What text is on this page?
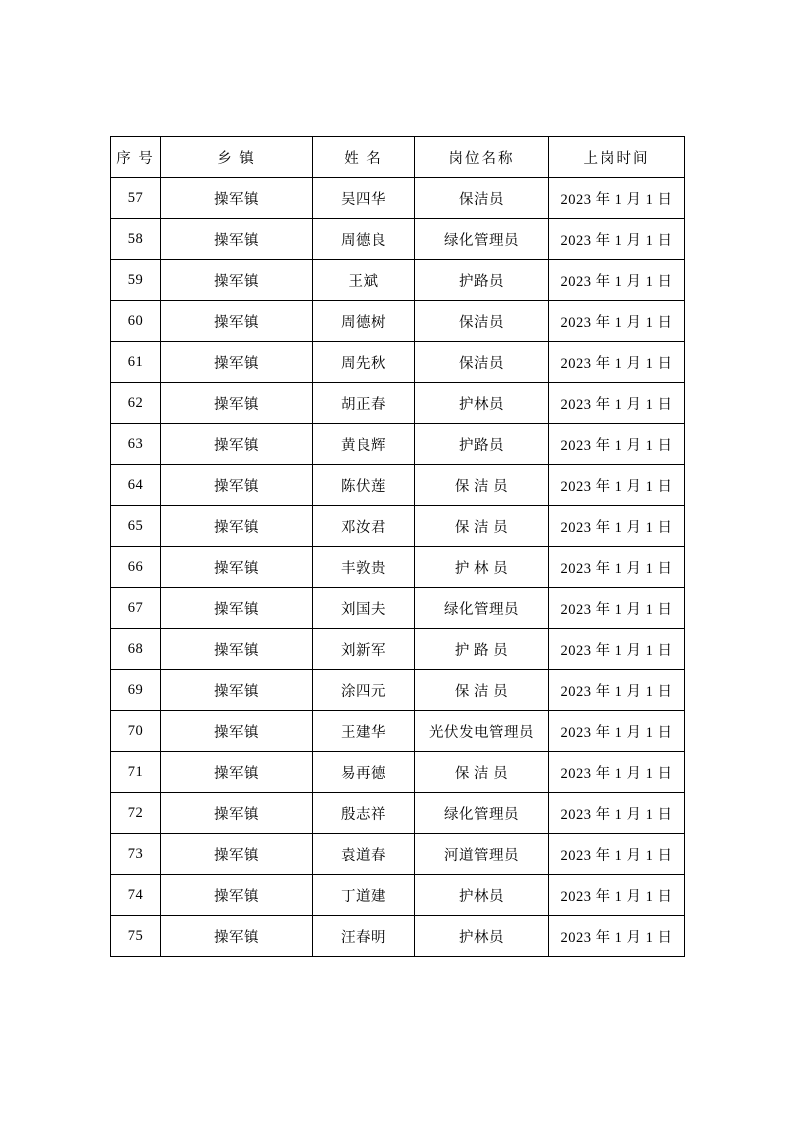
序 号	乡 镇	姓 名	岗位名称	上岗时间
57	操军镇	吴四华	保洁员	2023 年 1 月 1 日
58	操军镇	周德良	绿化管理员	2023 年 1 月 1 日
59	操军镇	王斌	护路员	2023 年 1 月 1 日
60	操军镇	周德树	保洁员	2023 年 1 月 1 日
61	操军镇	周先秋	保洁员	2023 年 1 月 1 日
62	操军镇	胡正春	护林员	2023 年 1 月 1 日
63	操军镇	黄良辉	护路员	2023 年 1 月 1 日
64	操军镇	陈伏莲	保 洁 员	2023 年 1 月 1 日
65	操军镇	邓汝君	保 洁 员	2023 年 1 月 1 日
66	操军镇	丰敦贵	护 林 员	2023 年 1 月 1 日
67	操军镇	刘国夫	绿化管理员	2023 年 1 月 1 日
68	操军镇	刘新军	护 路 员	2023 年 1 月 1 日
69	操军镇	涂四元	保 洁 员	2023 年 1 月 1 日
70	操军镇	王建华	光伏发电管理员	2023 年 1 月 1 日
71	操军镇	易再德	保 洁 员	2023 年 1 月 1 日
72	操军镇	殷志祥	绿化管理员	2023 年 1 月 1 日
73	操军镇	袁道春	河道管理员	2023 年 1 月 1 日
74	操军镇	丁道建	护林员	2023 年 1 月 1 日
75	操军镇	汪春明	护林员	2023 年 1 月 1 日
